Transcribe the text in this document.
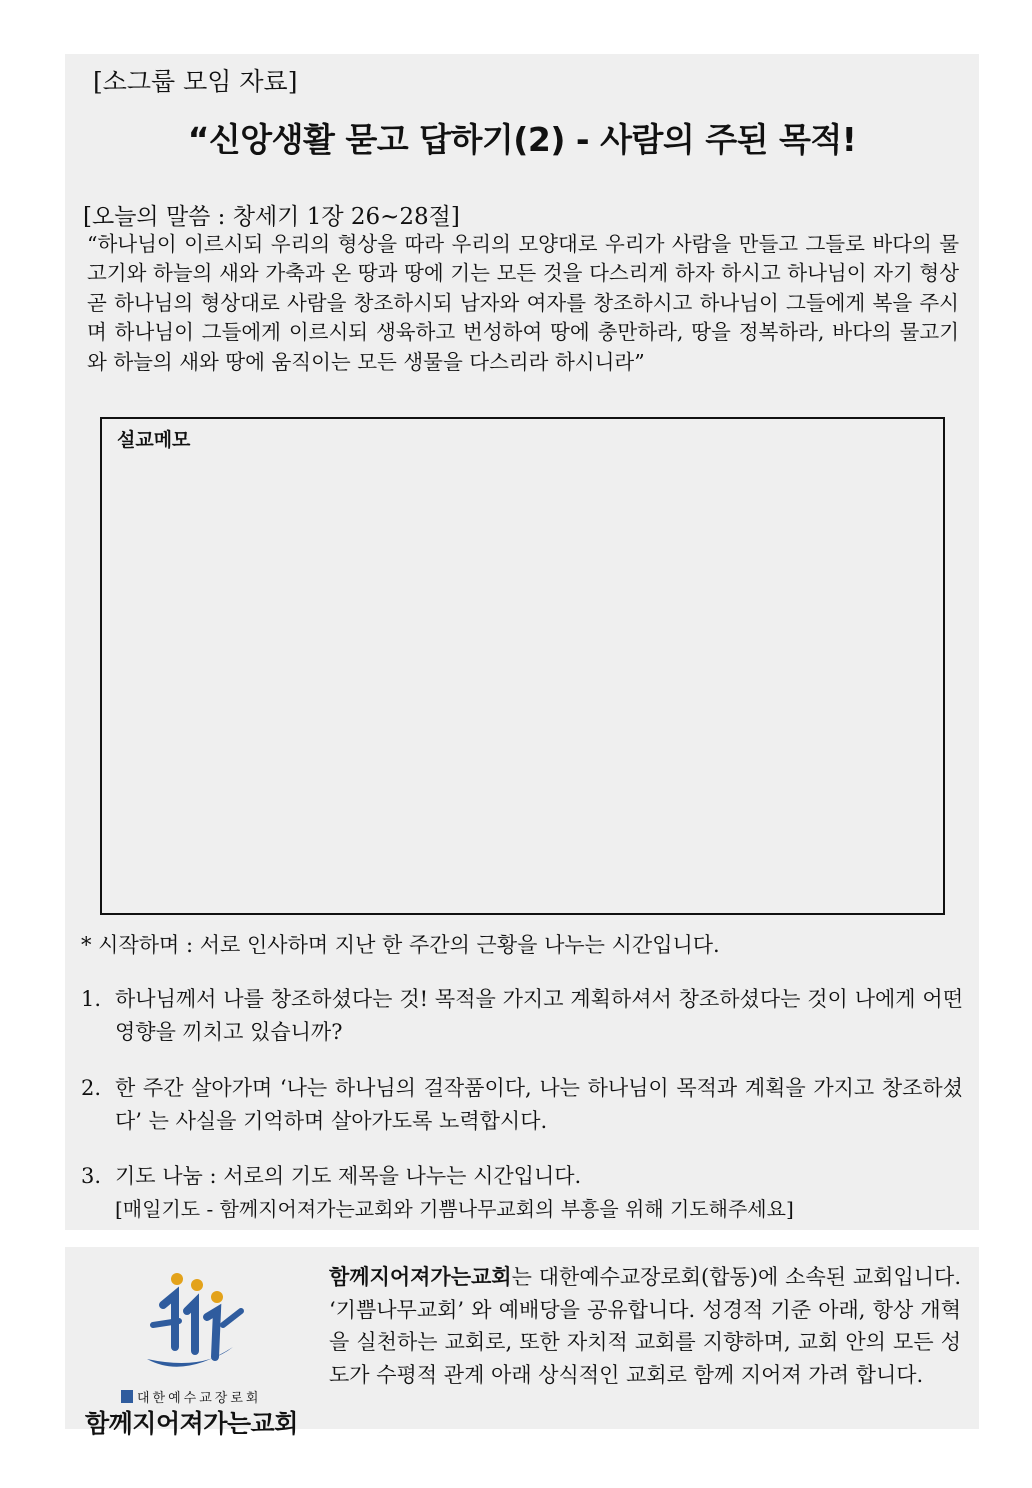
[소그룹 모임 자료]
“신앙생활 묻고 답하기(2) - 사람의 주된 목적!
[오늘의 말씀 : 창세기 1장 26~28절]
“하나님이 이르시되 우리의 형상을 따라 우리의 모양대로 우리가 사람을 만들고 그들로 바다의 물고기와 하늘의 새와 가축과 온 땅과 땅에 기는 모든 것을 다스리게 하자 하시고 하나님이 자기 형상 곧 하나님의 형상대로 사람을 창조하시되 남자와 여자를 창조하시고 하나님이 그들에게 복을 주시며 하나님이 그들에게 이르시되 생육하고 번성하여 땅에 충만하라, 땅을 정복하라, 바다의 물고기와 하늘의 새와 땅에 움직이는 모든 생물을 다스리라 하시니라”
설교메모
* 시작하며 : 서로 인사하며 지난 한 주간의 근황을 나누는 시간입니다.
1. 하나님께서 나를 창조하셨다는 것! 목적을 가지고 계획하셔서 창조하셨다는 것이 나에게 어떤 영향을 끼치고 있습니까?
2. 한 주간 살아가며 ‘나는 하나님의 걸작품이다, 나는 하나님이 목적과 계획을 가지고 창조하셨다’ 는 사실을 기억하며 살아가도록 노력합시다.
3. 기도 나눔 : 서로의 기도 제목을 나누는 시간입니다.
[매일기도 - 함께지어져가는교회와 기쁨나무교회의 부흥을 위해 기도해주세요]
대한예수교장로회
함께지어져가는교회
함께지어져가는교회는 대한예수교장로회(합동)에 소속된 교회입니다. ‘기쁨나무교회’ 와 예배당을 공유합니다. 성경적 기준 아래, 항상 개혁을 실천하는 교회로, 또한 자치적 교회를 지향하며, 교회 안의 모든 성도가 수평적 관계 아래 상식적인 교회로 함께 지어져 가려 합니다.
